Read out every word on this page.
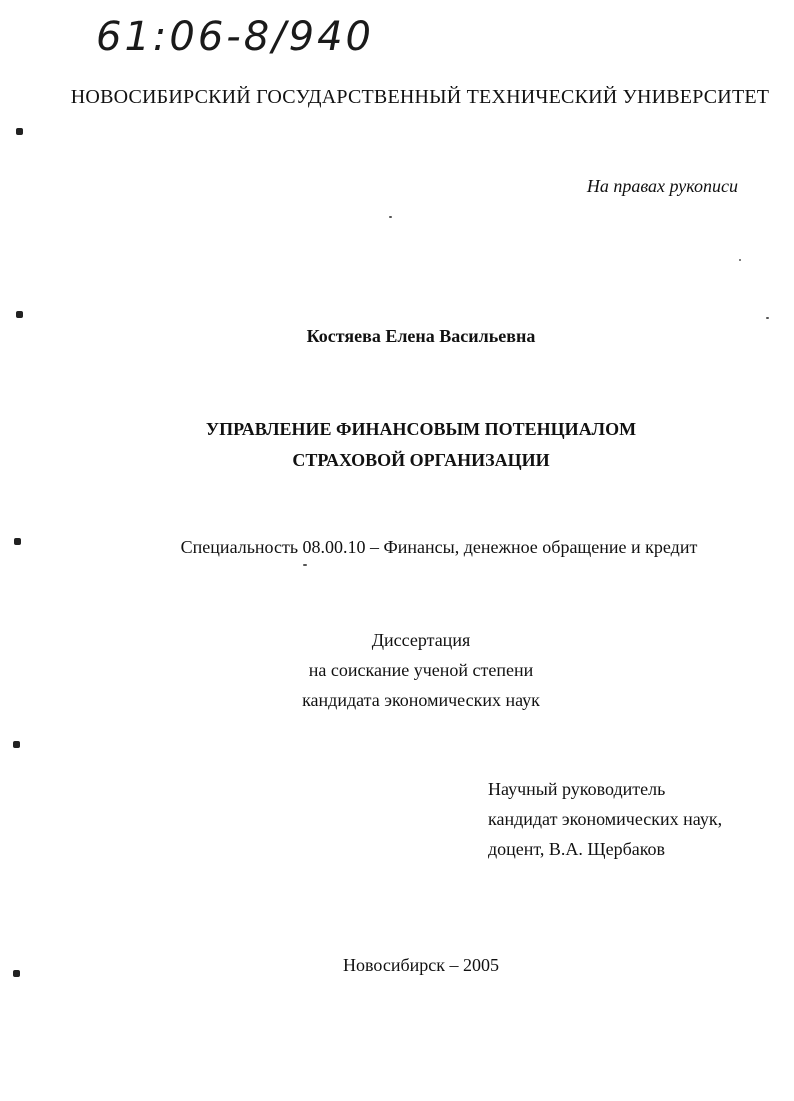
61:06-8/940
НОВОСИБИРСКИЙ ГОСУДАРСТВЕННЫЙ ТЕХНИЧЕСКИЙ УНИВЕРСИТЕТ
На правах рукописи
Костяева Елена Васильевна
УПРАВЛЕНИЕ ФИНАНСОВЫМ ПОТЕНЦИАЛОМ
СТРАХОВОЙ ОРГАНИЗАЦИИ
Специальность 08.00.10 – Финансы, денежное обращение и кредит
Диссертация
на соискание ученой степени
кандидата экономических наук
Научный руководитель
кандидат экономических наук,
доцент, В.А. Щербаков
Новосибирск – 2005
